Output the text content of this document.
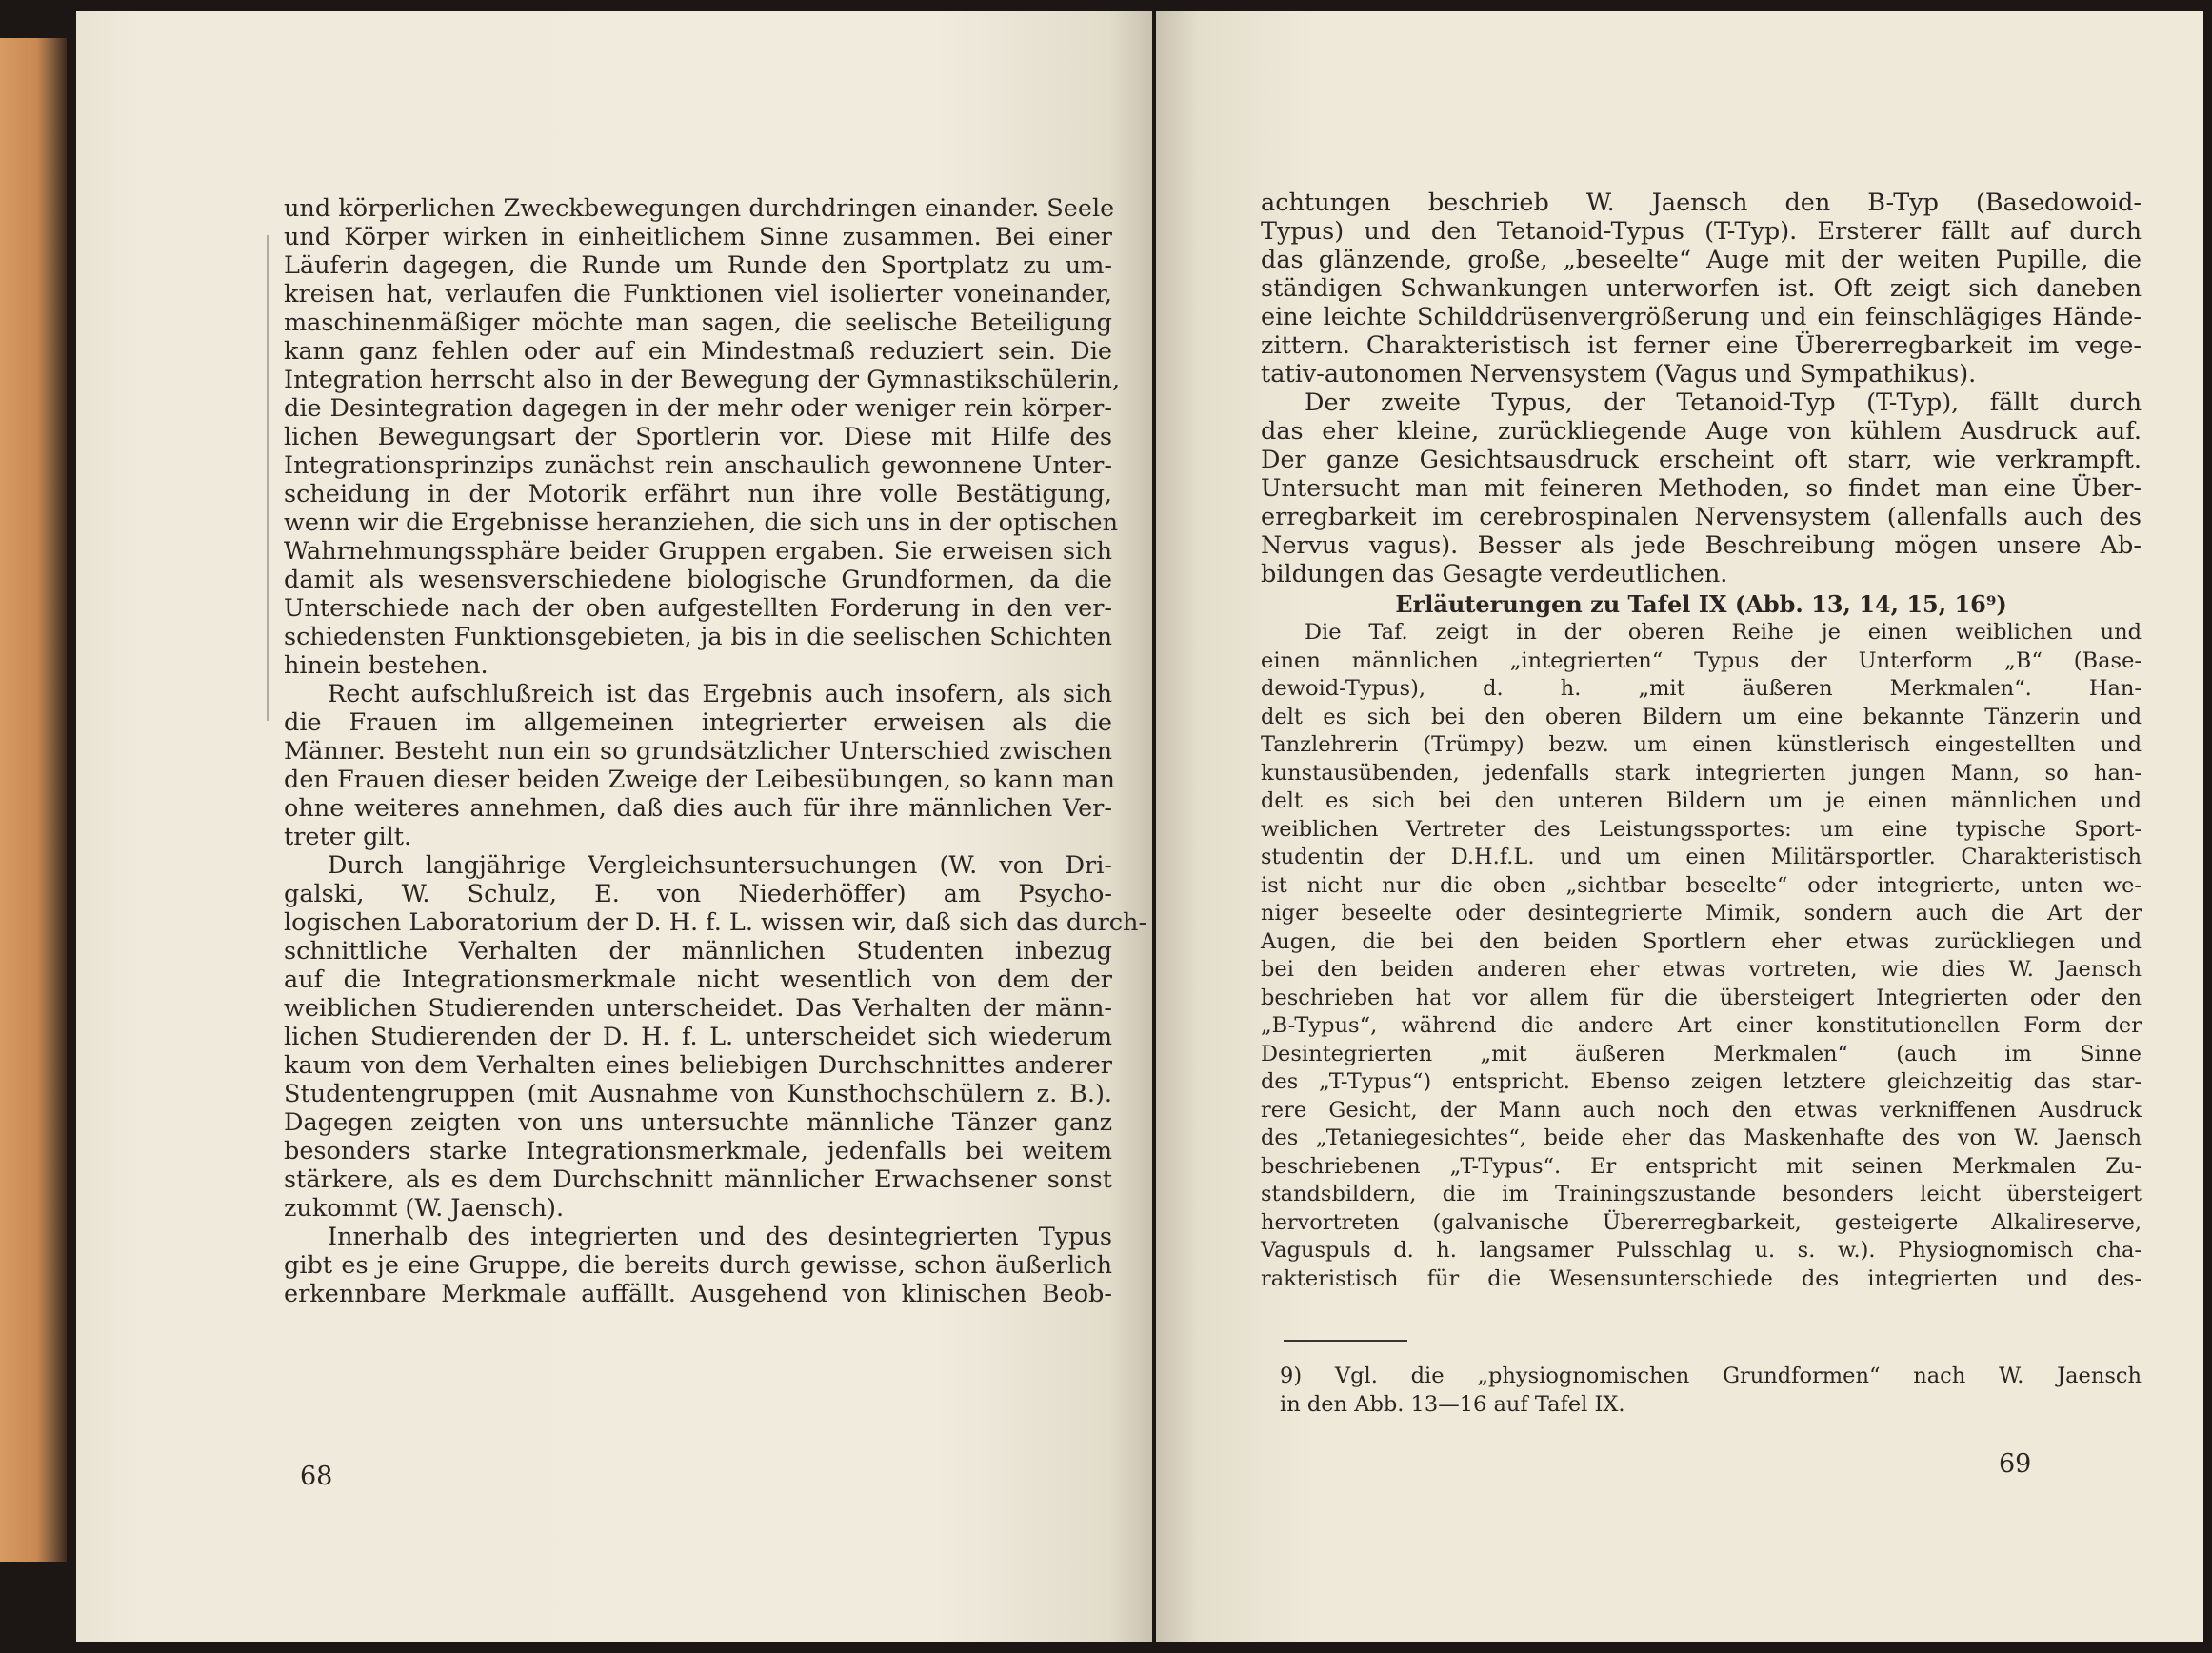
und körperlichen Zweckbewegungen durchdringen einander. Seele
und Körper wirken in einheitlichem Sinne zusammen. Bei einer
Läuferin dagegen, die Runde um Runde den Sportplatz zu um-
kreisen hat, verlaufen die Funktionen viel isolierter voneinander,
maschinenmäßiger möchte man sagen, die seelische Beteiligung
kann ganz fehlen oder auf ein Mindestmaß reduziert sein. Die
Integration herrscht also in der Bewegung der Gymnastikschülerin,
die Desintegration dagegen in der mehr oder weniger rein körper-
lichen Bewegungsart der Sportlerin vor. Diese mit Hilfe des
Integrationsprinzips zunächst rein anschaulich gewonnene Unter-
scheidung in der Motorik erfährt nun ihre volle Bestätigung,
wenn wir die Ergebnisse heranziehen, die sich uns in der optischen
Wahrnehmungssphäre beider Gruppen ergaben. Sie erweisen sich
damit als wesensverschiedene biologische Grundformen, da die
Unterschiede nach der oben aufgestellten Forderung in den ver-
schiedensten Funktionsgebieten, ja bis in die seelischen Schichten
hinein bestehen.
Recht aufschlußreich ist das Ergebnis auch insofern, als sich
die Frauen im allgemeinen integrierter erweisen als die
Männer. Besteht nun ein so grundsätzlicher Unterschied zwischen
den Frauen dieser beiden Zweige der Leibesübungen, so kann man
ohne weiteres annehmen, daß dies auch für ihre männlichen Ver-
treter gilt.
Durch langjährige Vergleichsuntersuchungen (W. von Dri-
galski, W. Schulz, E. von Niederhöffer) am Psycho-
logischen Laboratorium der D. H. f. L. wissen wir, daß sich das durch-
schnittliche Verhalten der männlichen Studenten inbezug
auf die Integrationsmerkmale nicht wesentlich von dem der
weiblichen Studierenden unterscheidet. Das Verhalten der männ-
lichen Studierenden der D. H. f. L. unterscheidet sich wiederum
kaum von dem Verhalten eines beliebigen Durchschnittes anderer
Studentengruppen (mit Ausnahme von Kunsthochschülern z. B.).
Dagegen zeigten von uns untersuchte männliche Tänzer ganz
besonders starke Integrationsmerkmale, jedenfalls bei weitem
stärkere, als es dem Durchschnitt männlicher Erwachsener sonst
zukommt (W. Jaensch).
Innerhalb des integrierten und des desintegrierten Typus
gibt es je eine Gruppe, die bereits durch gewisse, schon äußerlich
erkennbare Merkmale auffällt. Ausgehend von klinischen Beob-
68
achtungen beschrieb W. Jaensch den B-Typ (Basedowoid-
Typus) und den Tetanoid-Typus (T-Typ). Ersterer fällt auf durch
das glänzende, große, „beseelte“ Auge mit der weiten Pupille, die
ständigen Schwankungen unterworfen ist. Oft zeigt sich daneben
eine leichte Schilddrüsenvergrößerung und ein feinschlägiges Hände-
zittern. Charakteristisch ist ferner eine Übererregbarkeit im vege-
tativ-autonomen Nervensystem (Vagus und Sympathikus).
Der zweite Typus, der Tetanoid-Typ (T-Typ), fällt durch
das eher kleine, zurückliegende Auge von kühlem Ausdruck auf.
Der ganze Gesichtsausdruck erscheint oft starr, wie verkrampft.
Untersucht man mit feineren Methoden, so findet man eine Über-
erregbarkeit im cerebrospinalen Nervensystem (allenfalls auch des
Nervus vagus). Besser als jede Beschreibung mögen unsere Ab-
bildungen das Gesagte verdeutlichen.
Erläuterungen zu Tafel IX (Abb. 13, 14, 15, 16⁹)
Die Taf. zeigt in der oberen Reihe je einen weiblichen und
einen männlichen „integrierten“ Typus der Unterform „B“ (Base-
dewoid-Typus), d. h. „mit äußeren Merkmalen“. Han-
delt es sich bei den oberen Bildern um eine bekannte Tänzerin und
Tanzlehrerin (Trümpy) bezw. um einen künstlerisch eingestellten und
kunstausübenden, jedenfalls stark integrierten jungen Mann, so han-
delt es sich bei den unteren Bildern um je einen männlichen und
weiblichen Vertreter des Leistungssportes: um eine typische Sport-
studentin der D.H.f.L. und um einen Militärsportler. Charakteristisch
ist nicht nur die oben „sichtbar beseelte“ oder integrierte, unten we-
niger beseelte oder desintegrierte Mimik, sondern auch die Art der
Augen, die bei den beiden Sportlern eher etwas zurückliegen und
bei den beiden anderen eher etwas vortreten, wie dies W. Jaensch
beschrieben hat vor allem für die übersteigert Integrierten oder den
„B-Typus“, während die andere Art einer konstitutionellen Form der
Desintegrierten „mit äußeren Merkmalen“ (auch im Sinne
des „T-Typus“) entspricht. Ebenso zeigen letztere gleichzeitig das star-
rere Gesicht, der Mann auch noch den etwas verkniffenen Ausdruck
des „Tetaniegesichtes“, beide eher das Maskenhafte des von W. Jaensch
beschriebenen „T-Typus“. Er entspricht mit seinen Merkmalen Zu-
standsbildern, die im Trainingszustande besonders leicht übersteigert
hervortreten (galvanische Übererregbarkeit, gesteigerte Alkalireserve,
Vaguspuls d. h. langsamer Pulsschlag u. s. w.). Physiognomisch cha-
rakteristisch für die Wesensunterschiede des integrierten und des-
9) Vgl. die „physiognomischen Grundformen“ nach W. Jaensch
in den Abb. 13—16 auf Tafel IX.
69
